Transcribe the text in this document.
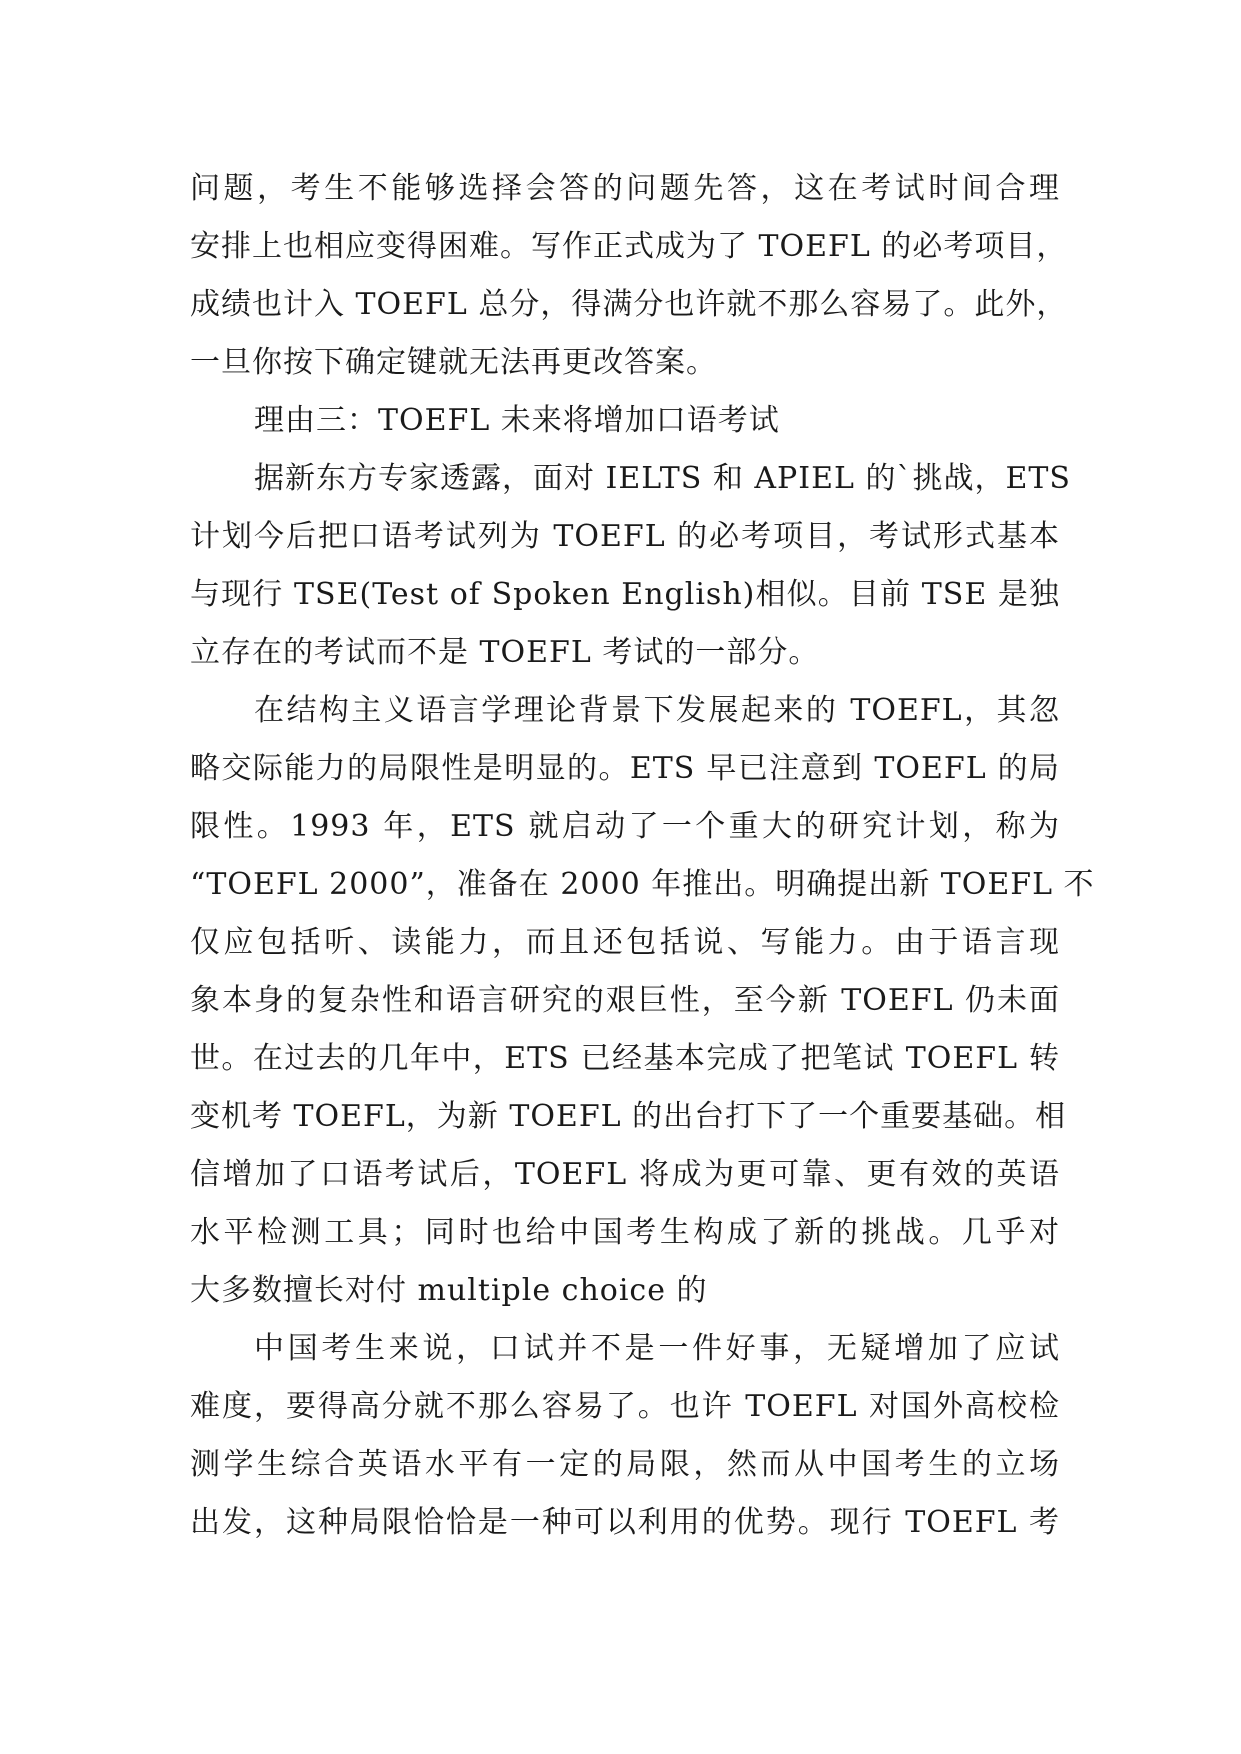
问题，考生不能够选择会答的问题先答，这在考试时间合理
安排上也相应变得困难。写作正式成为了 TOEFL 的必考项目，
成绩也计入 TOEFL 总分，得满分也许就不那么容易了。此外，
一旦你按下确定键就无法再更改答案。
理由三：TOEFL 未来将增加口语考试
据新东方专家透露，面对 IELTS 和 APIEL 的`挑战，ETS
计划今后把口语考试列为 TOEFL 的必考项目，考试形式基本
与现行 TSE(Test of Spoken English)相似。目前 TSE 是独
立存在的考试而不是 TOEFL 考试的一部分。
在结构主义语言学理论背景下发展起来的 TOEFL，其忽
略交际能力的局限性是明显的。ETS 早已注意到 TOEFL 的局
限性。1993 年，ETS 就启动了一个重大的研究计划，称为
“TOEFL 2000”，准备在 2000 年推出。明确提出新 TOEFL 不
仅应包括听、读能力，而且还包括说、写能力。由于语言现
象本身的复杂性和语言研究的艰巨性，至今新 TOEFL 仍未面
世。在过去的几年中，ETS 已经基本完成了把笔试 TOEFL 转
变机考 TOEFL，为新 TOEFL 的出台打下了一个重要基础。相
信增加了口语考试后，TOEFL 将成为更可靠、更有效的英语
水平检测工具；同时也给中国考生构成了新的挑战。几乎对
大多数擅长对付 multiple choice 的
中国考生来说，口试并不是一件好事，无疑增加了应试
难度，要得高分就不那么容易了。也许 TOEFL 对国外高校检
测学生综合英语水平有一定的局限，然而从中国考生的立场
出发，这种局限恰恰是一种可以利用的优势。现行 TOEFL 考
